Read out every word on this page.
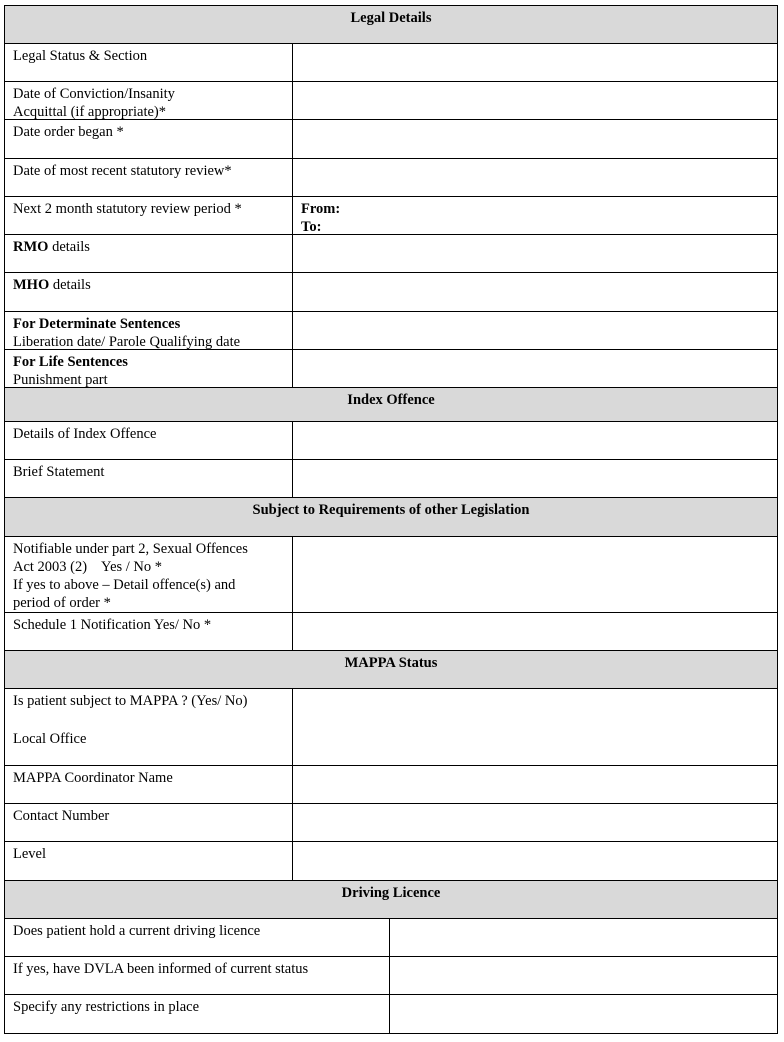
Legal Details
Legal Status & Section
Date of Conviction/Insanity
Acquittal (if appropriate)*
Date order began *
Date of most recent statutory review*
Next 2 month statutory review period *	From:
To:
RMO details
MHO details
For Determinate Sentences
Liberation date/ Parole Qualifying date
For Life Sentences
Punishment part
Index Offence
Details of Index Offence
Brief Statement
Subject to Requirements of other Legislation
Notifiable under part 2, Sexual Offences
Act 2003 (2)    Yes / No *
If yes to above – Detail offence(s) and
period of order *
Schedule 1 Notification Yes/ No *
MAPPA Status
Is patient subject to MAPPA ? (Yes/ No)
Local Office
MAPPA Coordinator Name
Contact Number
Level
Driving Licence
Does patient hold a current driving licence
If yes, have DVLA been informed of current status
Specify any restrictions in place
